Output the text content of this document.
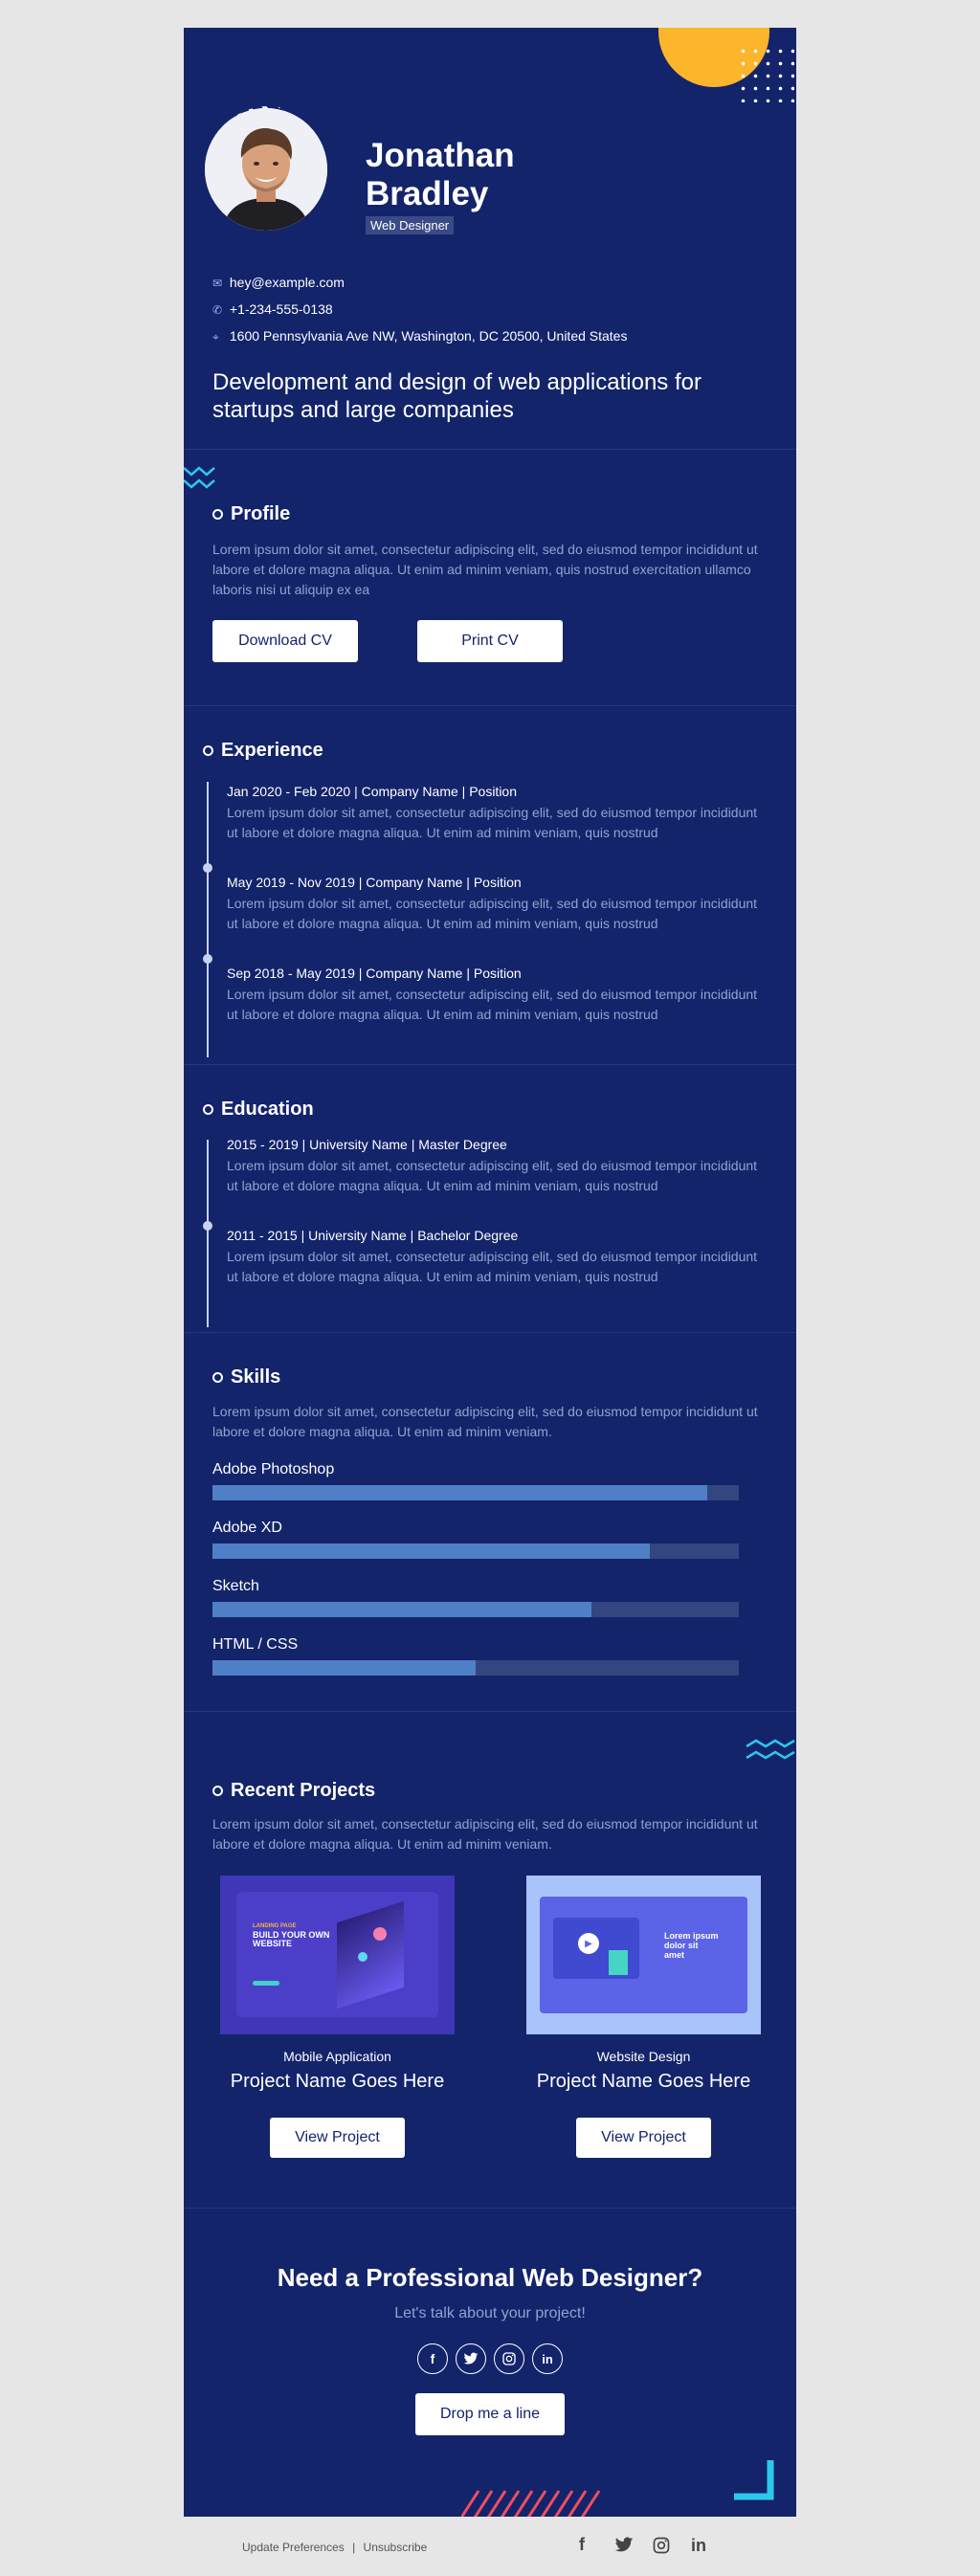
Jonathan
Bradley
Web Designer
✉ hey@example.com
✆ +1-234-555-0138
⌖ 1600 Pennsylvania Ave NW, Washington, DC 20500, United States
Development and design of web applications for startups and large companies
Profile
Lorem ipsum dolor sit amet, consectetur adipiscing elit, sed do eiusmod tempor incididunt ut labore et dolore magna aliqua. Ut enim ad minim veniam, quis nostrud exercitation ullamco laboris nisi ut aliquip ex ea
Download CV	Print CV
Experience
Jan 2020 - Feb 2020 | Company Name | Position
Lorem ipsum dolor sit amet, consectetur adipiscing elit, sed do eiusmod tempor incididunt ut labore et dolore magna aliqua. Ut enim ad minim veniam, quis nostrud
May 2019 - Nov 2019 | Company Name | Position
Lorem ipsum dolor sit amet, consectetur adipiscing elit, sed do eiusmod tempor incididunt ut labore et dolore magna aliqua. Ut enim ad minim veniam, quis nostrud
Sep 2018 - May 2019 | Company Name | Position
Lorem ipsum dolor sit amet, consectetur adipiscing elit, sed do eiusmod tempor incididunt ut labore et dolore magna aliqua. Ut enim ad minim veniam, quis nostrud
Education
2015 - 2019 | University Name | Master Degree
Lorem ipsum dolor sit amet, consectetur adipiscing elit, sed do eiusmod tempor incididunt ut labore et dolore magna aliqua. Ut enim ad minim veniam, quis nostrud
2011 - 2015 | University Name | Bachelor Degree
Lorem ipsum dolor sit amet, consectetur adipiscing elit, sed do eiusmod tempor incididunt ut labore et dolore magna aliqua. Ut enim ad minim veniam, quis nostrud
Skills
Lorem ipsum dolor sit amet, consectetur adipiscing elit, sed do eiusmod tempor incididunt ut labore et dolore magna aliqua. Ut enim ad minim veniam.
Adobe Photoshop
Adobe XD
Sketch
HTML / CSS
Recent Projects
Lorem ipsum dolor sit amet, consectetur adipiscing elit, sed do eiusmod tempor incididunt ut labore et dolore magna aliqua. Ut enim ad minim veniam.
LANDING PAGE
BUILD YOUR OWN
WEBSITE
Mobile Application
Project Name Goes Here
View Project
▶
Lorem ipsum
dolor sit
amet
Website Design
Project Name Goes Here
View Project
Need a Professional Web Designer?
Let's talk about your project!
f	in
Drop me a line
Update Preferences | Unsubscribe	f	in
